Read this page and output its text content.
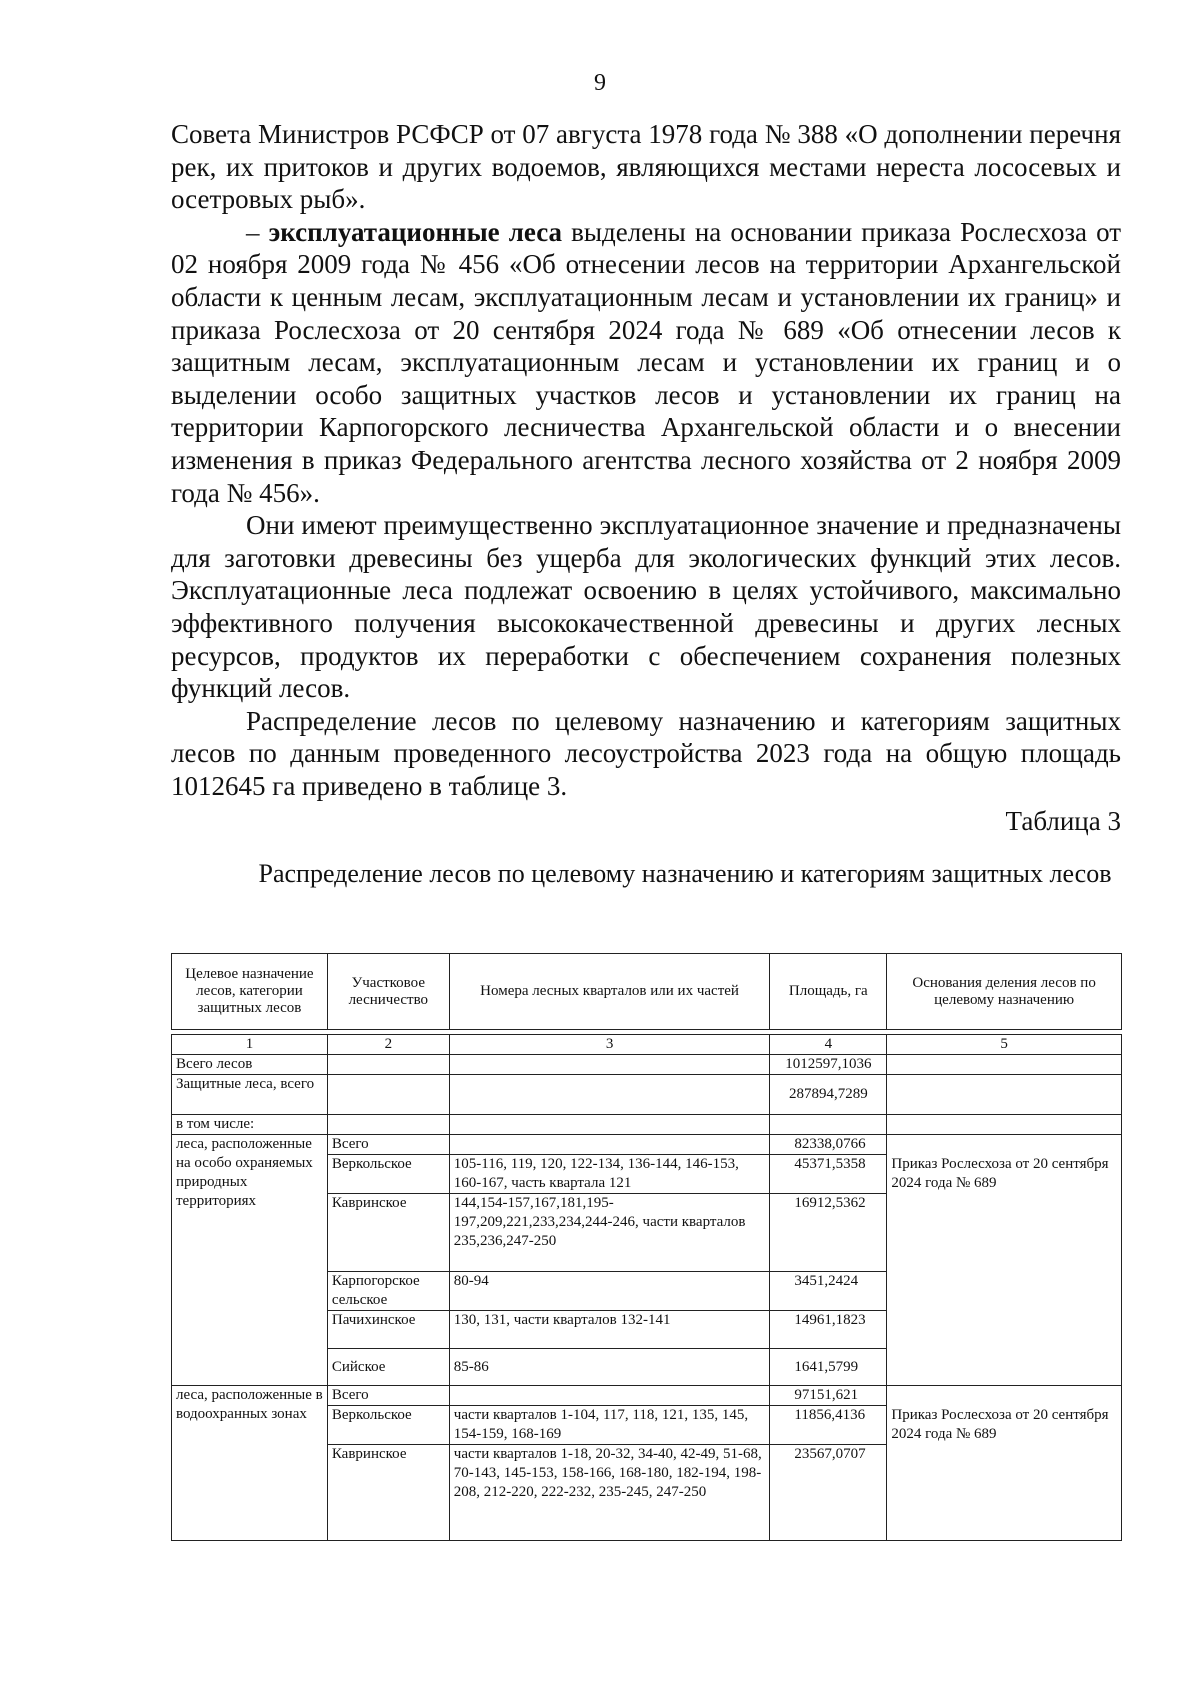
9

Совета Министров РСФСР от 07 августа 1978 года № 388 «О дополнении перечня рек, их притоков и других водоемов, являющихся местами нереста лососевых и осетровых рыб».

– эксплуатационные леса выделены на основании приказа Рослесхоза от 02 ноября 2009 года № 456 «Об отнесении лесов на территории Архангельской области к ценным лесам, эксплуатационным лесам и установлении их границ» и приказа Рослесхоза от 20 сентября 2024 года № 689 «Об отнесении лесов к защитным лесам, эксплуатационным лесам и установлении их границ и о выделении особо защитных участков лесов и установлении их границ на территории Карпогорского лесничества Архангельской области и о внесении изменения в приказ Федерального агентства лесного хозяйства от 2 ноября 2009 года № 456».

Они имеют преимущественно эксплуатационное значение и предназначены для заготовки древесины без ущерба для экологических функций этих лесов. Эксплуатационные леса подлежат освоению в целях устойчивого, максимально эффективного получения высококачественной древесины и других лесных ресурсов, продуктов их переработки с обеспечением сохранения полезных функций лесов.

Распределение лесов по целевому назначению и категориям защитных лесов по данным проведенного лесоустройства 2023 года на общую площадь 1012645 га приведено в таблице 3.

Таблица 3
Распределение лесов по целевому назначению и категориям защитных лесов
Целевое назначение лесов, категории защитных лесов	Участковое лесничество	Номера лесных кварталов или их частей	Площадь, га	Основания деления лесов по целевому назначению
1	2	3	4	5
Всего лесов			1012597,1036	
Защитные леса, всего			287894,7289	
в том числе:				
леса, расположенные на особо охраняемых природных территориях	Всего		82338,0766	Приказ Рослесхоза от 20 сентября 2024 года № 689
	Веркольское	105-116, 119, 120, 122-134, 136-144, 146-153, 160-167, часть квартала 121	45371,5358	
	Кавринское	144,154-157,167,181,195-197,209,221,233,234,244-246, части кварталов 235,236,247-250	16912,5362	
	Карпогорское сельское	80-94	3451,2424	
	Пачихинское	130, 131, части кварталов 132-141	14961,1823	
	Сийское	85-86	1641,5799	
леса, расположенные в водоохранных зонах	Всего		97151,621	Приказ Рослесхоза от 20 сентября 2024 года № 689
	Веркольское	части кварталов 1-104, 117, 118, 121, 135, 145, 154-159, 168-169	11856,4136	
	Кавринское	части кварталов 1-18, 20-32, 34-40, 42-49, 51-68, 70-143, 145-153, 158-166, 168-180, 182-194, 198-208, 212-220, 222-232, 235-245, 247-250	23567,0707	
